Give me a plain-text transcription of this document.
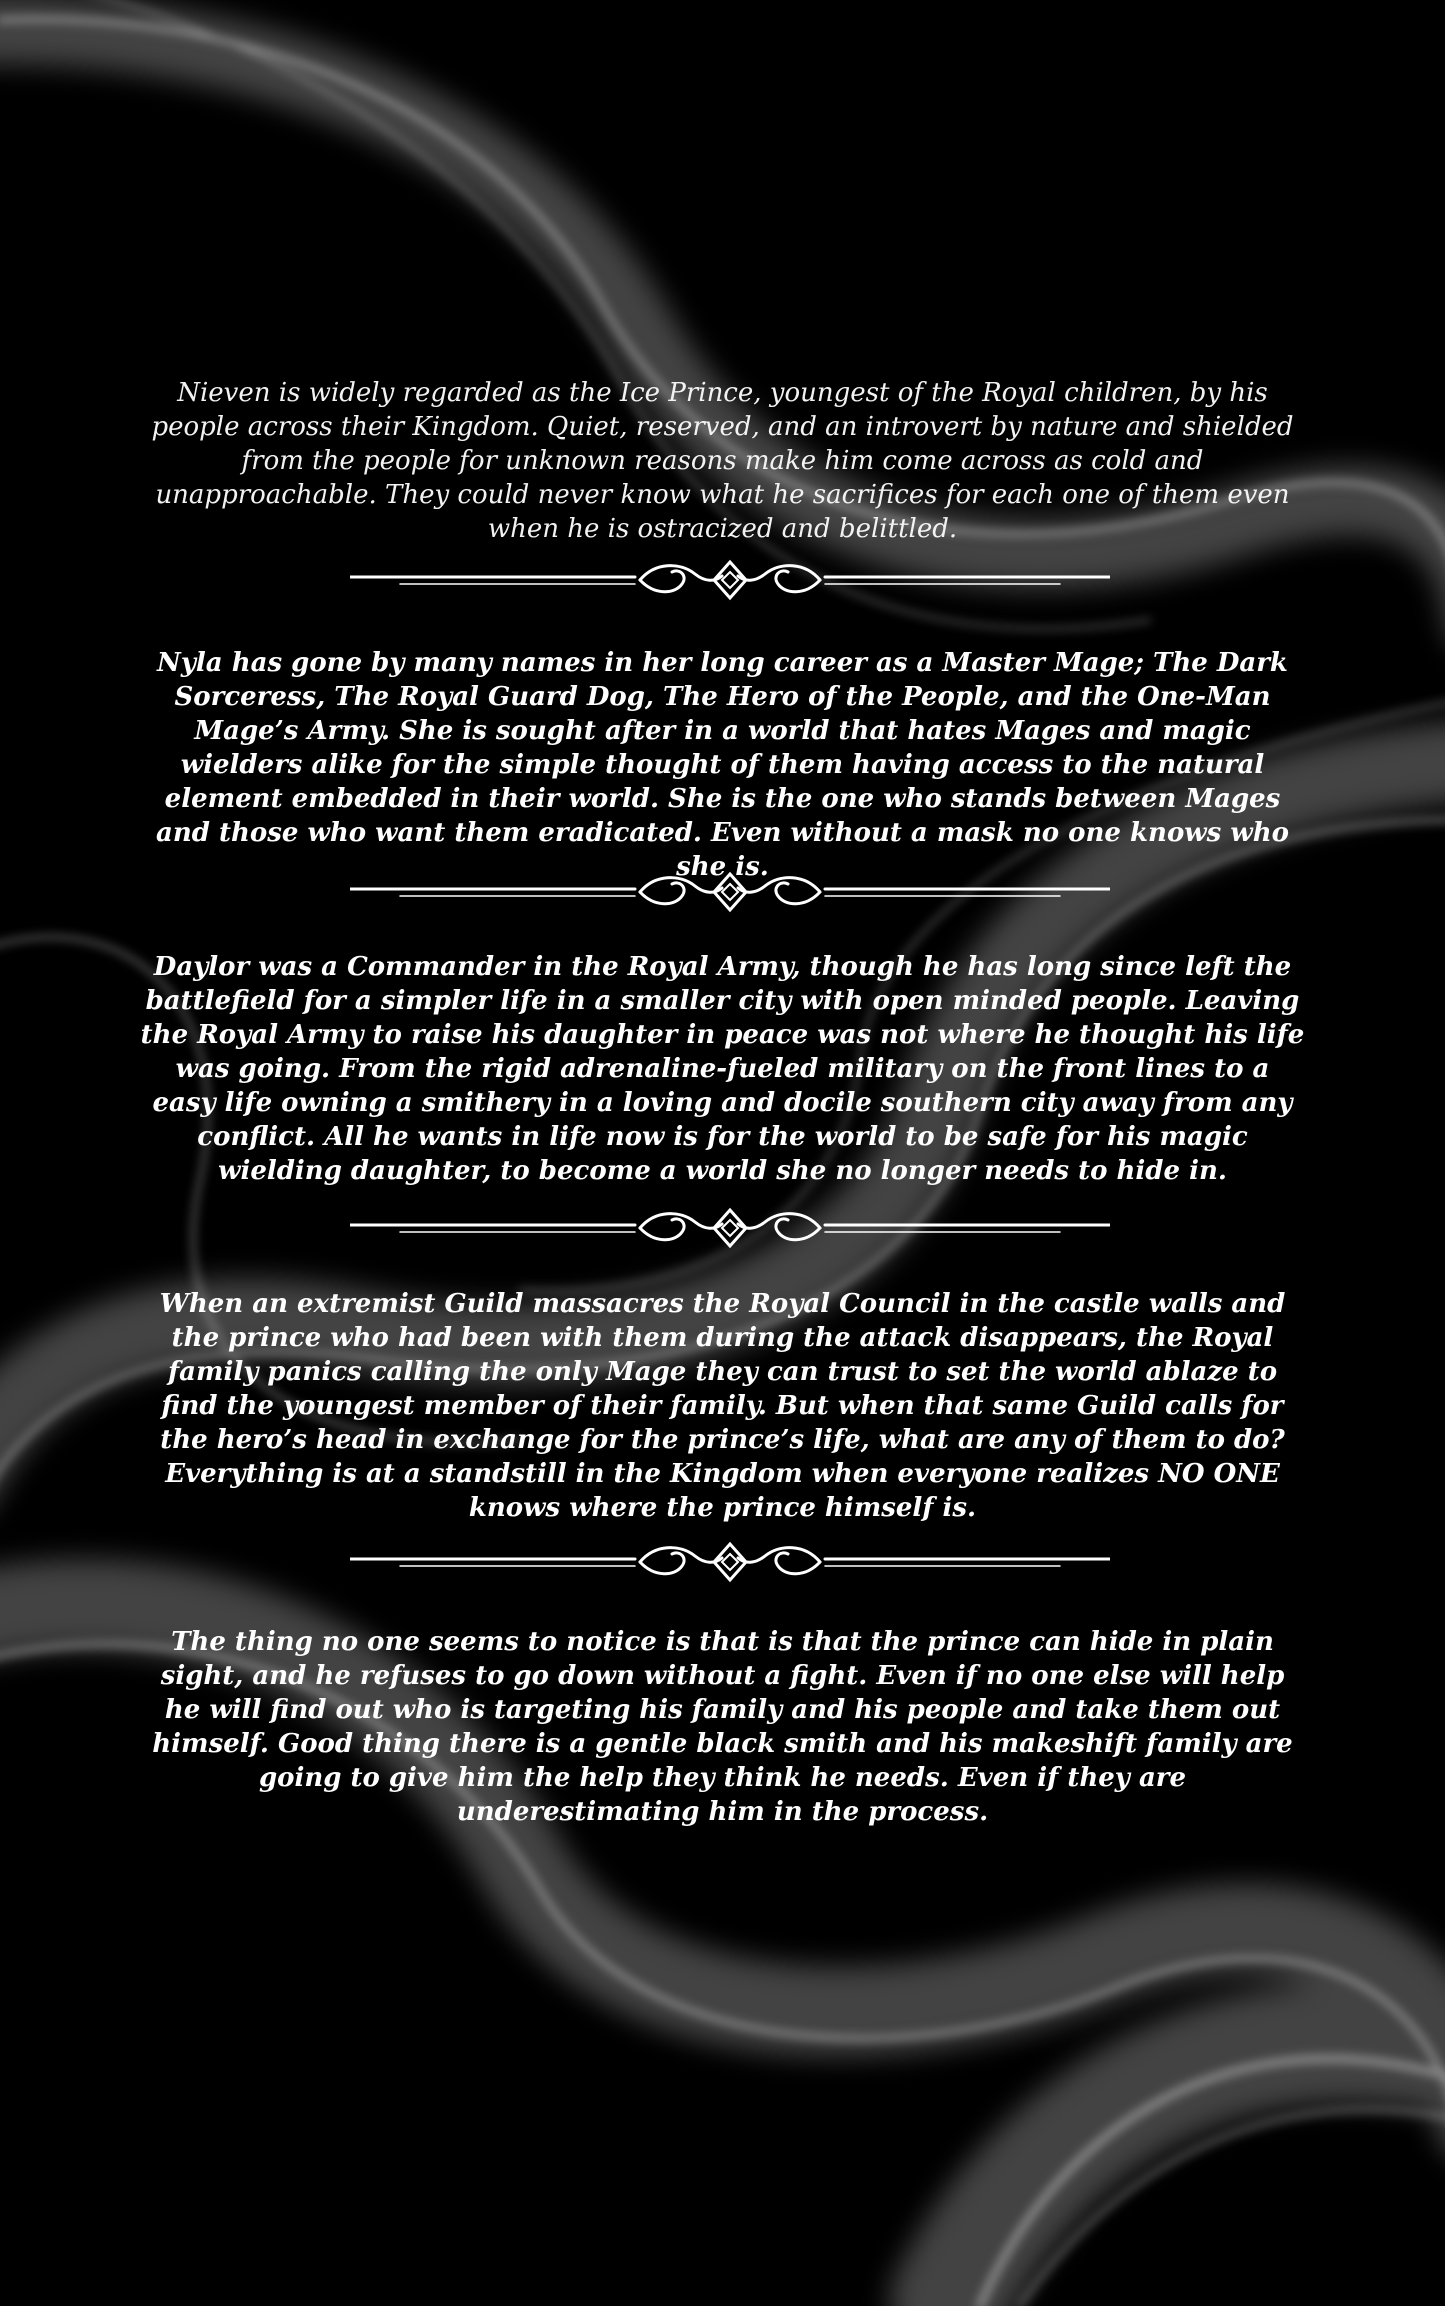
Nieven is widely regarded as the Ice Prince, youngest of the Royal children, by his people across their Kingdom. Quiet, reserved, and an introvert by nature and shielded from the people for unknown reasons make him come across as cold and unapproachable. They could never know what he sacrifices for each one of them even when he is ostracized and belittled.

Nyla has gone by many names in her long career as a Master Mage; The Dark Sorceress, The Royal Guard Dog, The Hero of the People, and the One-Man Mage’s Army. She is sought after in a world that hates Mages and magic wielders alike for the simple thought of them having access to the natural element embedded in their world. She is the one who stands between Mages and those who want them eradicated. Even without a mask no one knows who she is.

Daylor was a Commander in the Royal Army, though he has long since left the battlefield for a simpler life in a smaller city with open minded people. Leaving the Royal Army to raise his daughter in peace was not where he thought his life was going. From the rigid adrenaline-fueled military on the front lines to a easy life owning a smithery in a loving and docile southern city away from any conflict. All he wants in life now is for the world to be safe for his magic wielding daughter, to become a world she no longer needs to hide in.

When an extremist Guild massacres the Royal Council in the castle walls and the prince who had been with them during the attack disappears, the Royal family panics calling the only Mage they can trust to set the world ablaze to find the youngest member of their family. But when that same Guild calls for the hero’s head in exchange for the prince’s life, what are any of them to do? Everything is at a standstill in the Kingdom when everyone realizes NO ONE knows where the prince himself is.

The thing no one seems to notice is that is that the prince can hide in plain sight, and he refuses to go down without a fight. Even if no one else will help he will find out who is targeting his family and his people and take them out himself. Good thing there is a gentle black smith and his makeshift family are going to give him the help they think he needs. Even if they are underestimating him in the process.
